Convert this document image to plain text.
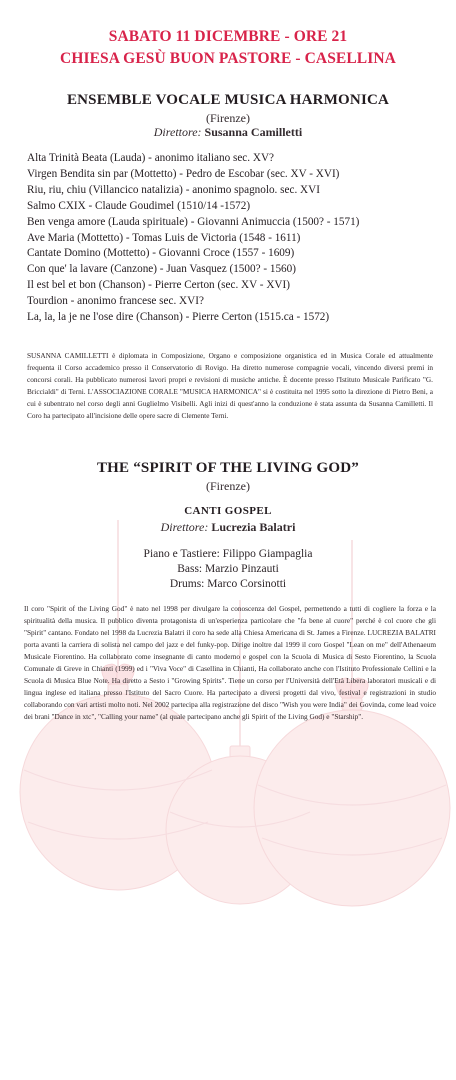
SABATO 11 DICEMBRE - ORE 21
CHIESA GESÙ BUON PASTORE - CASELLINA
ENSEMBLE VOCALE MUSICA HARMONICA
(Firenze)
Direttore: Susanna Camilletti
Alta Trinità Beata (Lauda) - anonimo italiano sec. XV?
Virgen Bendita sin par (Mottetto) - Pedro de Escobar (sec. XV - XVI)
Riu, riu, chiu (Villancico natalizia) - anonimo spagnolo. sec. XVI
Salmo CXIX - Claude Goudimel (1510/14 -1572)
Ben venga amore (Lauda spirituale) - Giovanni Animuccia (1500? - 1571)
Ave Maria (Mottetto) - Tomas Luis de Victoria (1548 - 1611)
Cantate Domino (Mottetto) - Giovanni Croce (1557 - 1609)
Con que' la lavare (Canzone) - Juan Vasquez (1500? - 1560)
Il est bel et bon (Chanson) - Pierre Certon (sec. XV - XVI)
Tourdion - anonimo francese sec. XVI?
La, la, la je ne l'ose dire (Chanson) - Pierre Certon (1515.ca - 1572)

SUSANNA CAMILLETTI è diplomata in Composizione, Organo e composizione organistica ed in Musica Corale ed attualmente frequenta il Corso accademico presso il Conservatorio di Rovigo. Ha diretto numerose compagnie vocali, vincendo diversi premi in concorsi corali. Ha pubblicato numerosi lavori propri e revisioni di musiche antiche. È docente presso l'Istituto Musicale Parificato "G. Briccialdi" di Terni. L'ASSOCIAZIONE CORALE "MUSICA HARMONICA" si è costituita nel 1995 sotto la direzione di Pietro Beni, a cui è subentrato nel corso degli anni Guglielmo Visibelli. Agli inizi di quest'anno la conduzione è stata assunta da Susanna Camilletti. Il Coro ha partecipato all'incisione delle opere sacre di Clemente Terni.

THE “SPIRIT OF THE LIVING GOD”
(Firenze)
CANTI GOSPEL
Direttore: Lucrezia Balatri
Piano e Tastiere: Filippo Giampaglia
Bass: Marzio Pinzauti
Drums: Marco Corsinotti

Il coro "Spirit of the Living God" è nato nel 1998 per divulgare la conoscenza del Gospel, permettendo a tutti di cogliere la forza e la spiritualità della musica. Il pubblico diventa protagonista di un'esperienza particolare che "fa bene al cuore" perché è col cuore che gli "Spirit" cantano. Fondato nel 1998 da Lucrezia Balatri il coro ha sede alla Chiesa Americana di St. James a Firenze. LUCREZIA BALATRI porta avanti la carriera di solista nel campo del jazz e del funky-pop. Dirige inoltre dal 1999 il coro Gospel "Lean on me" dell'Athenaeum Musicale Fiorentino. Ha collaborato come insegnante di canto moderno e gospel con la Scuola di Musica di Sesto Fiorentino, la Scuola Comunale di Greve in Chianti (1999) ed i "Viva Voce" di Casellina in Chianti, Ha collaborato anche con l'Istituto Professionale Cellini e la Scuola di Musica Blue Note. Ha diretto a Sesto i "Growing Spirits". Tiene un corso per l'Università dell'Età Libera laboratori musicali e di lingua inglese ed italiana presso l'Istituto del Sacro Cuore. Ha partecipato a diversi progetti dal vivo, festival e registrazioni in studio collaborando con vari artisti molto noti. Nel 2002 partecipa alla registrazione del disco "Wish you were India" dei Govinda, come lead voice dei brani "Dance in xtc", "Calling your name" (al quale partecipano anche gli Spirit of the Living God) e "Starship".
